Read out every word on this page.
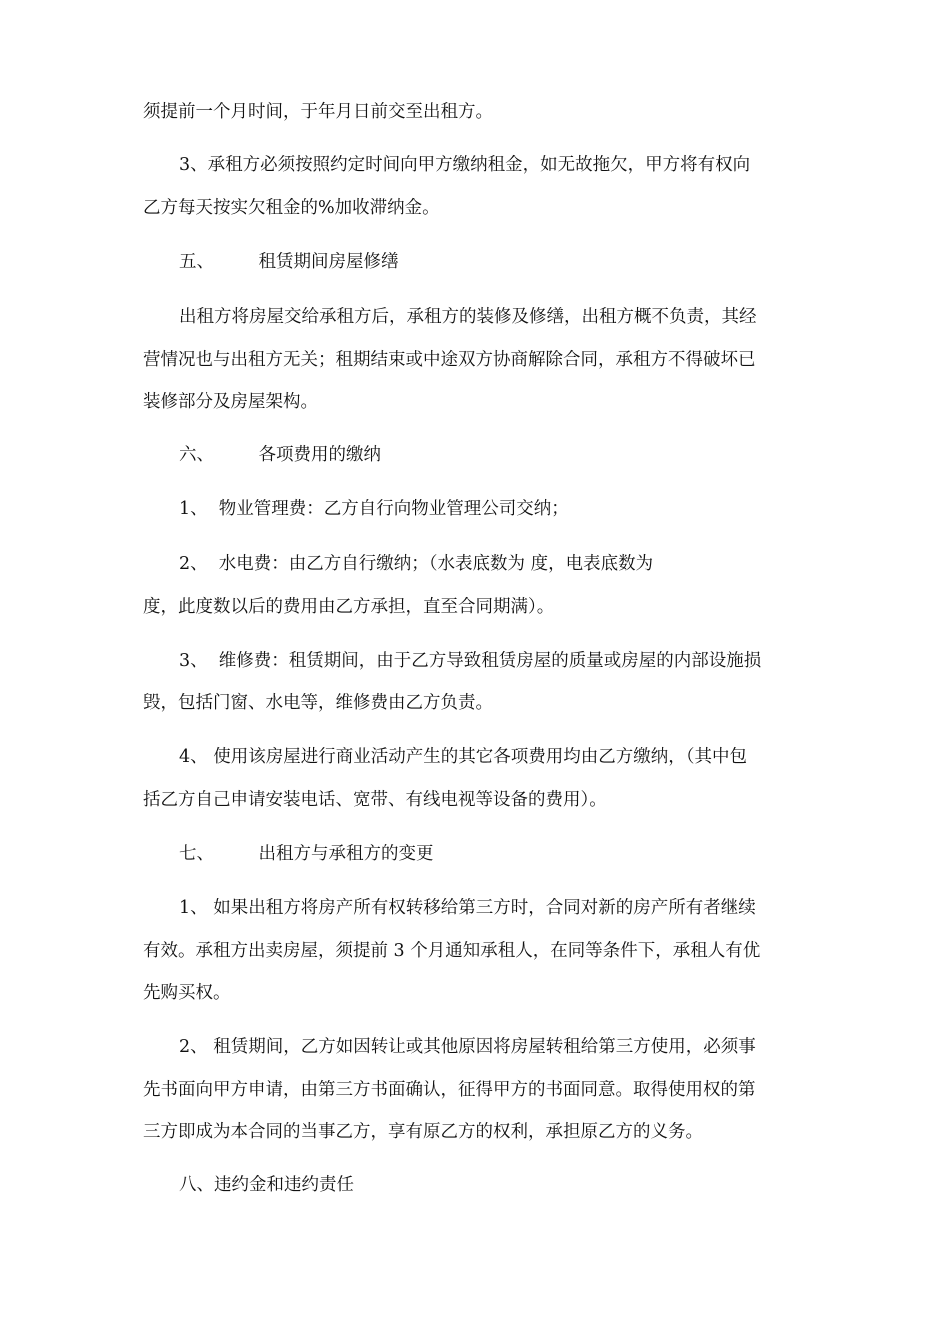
须提前一个月时间，于年月日前交至出租方。
3、承租方必须按照约定时间向甲方缴纳租金，如无故拖欠，甲方将有权向
乙方每天按实欠租金的%加收滞纳金。
五、        租赁期间房屋修缮
出租方将房屋交给承租方后，承租方的装修及修缮，出租方概不负责，其经
营情况也与出租方无关；租期结束或中途双方协商解除合同，承租方不得破坏已
装修部分及房屋架构。
六、        各项费用的缴纳
1、  物业管理费：乙方自行向物业管理公司交纳；
2、  水电费：由乙方自行缴纳；（水表底数为 度，电表底数为
度，此度数以后的费用由乙方承担，直至合同期满）。
3、  维修费：租赁期间，由于乙方导致租赁房屋的质量或房屋的内部设施损
毁，包括门窗、水电等，维修费由乙方负责。
4、 使用该房屋进行商业活动产生的其它各项费用均由乙方缴纳，（其中包
括乙方自己申请安装电话、宽带、有线电视等设备的费用）。
七、        出租方与承租方的变更
1、 如果出租方将房产所有权转移给第三方时，合同对新的房产所有者继续
有效。承租方出卖房屋，须提前 3 个月通知承租人，在同等条件下，承租人有优
先购买权。
2、 租赁期间，乙方如因转让或其他原因将房屋转租给第三方使用，必须事
先书面向甲方申请，由第三方书面确认，征得甲方的书面同意。取得使用权的第
三方即成为本合同的当事乙方，享有原乙方的权利，承担原乙方的义务。
八、违约金和违约责任
